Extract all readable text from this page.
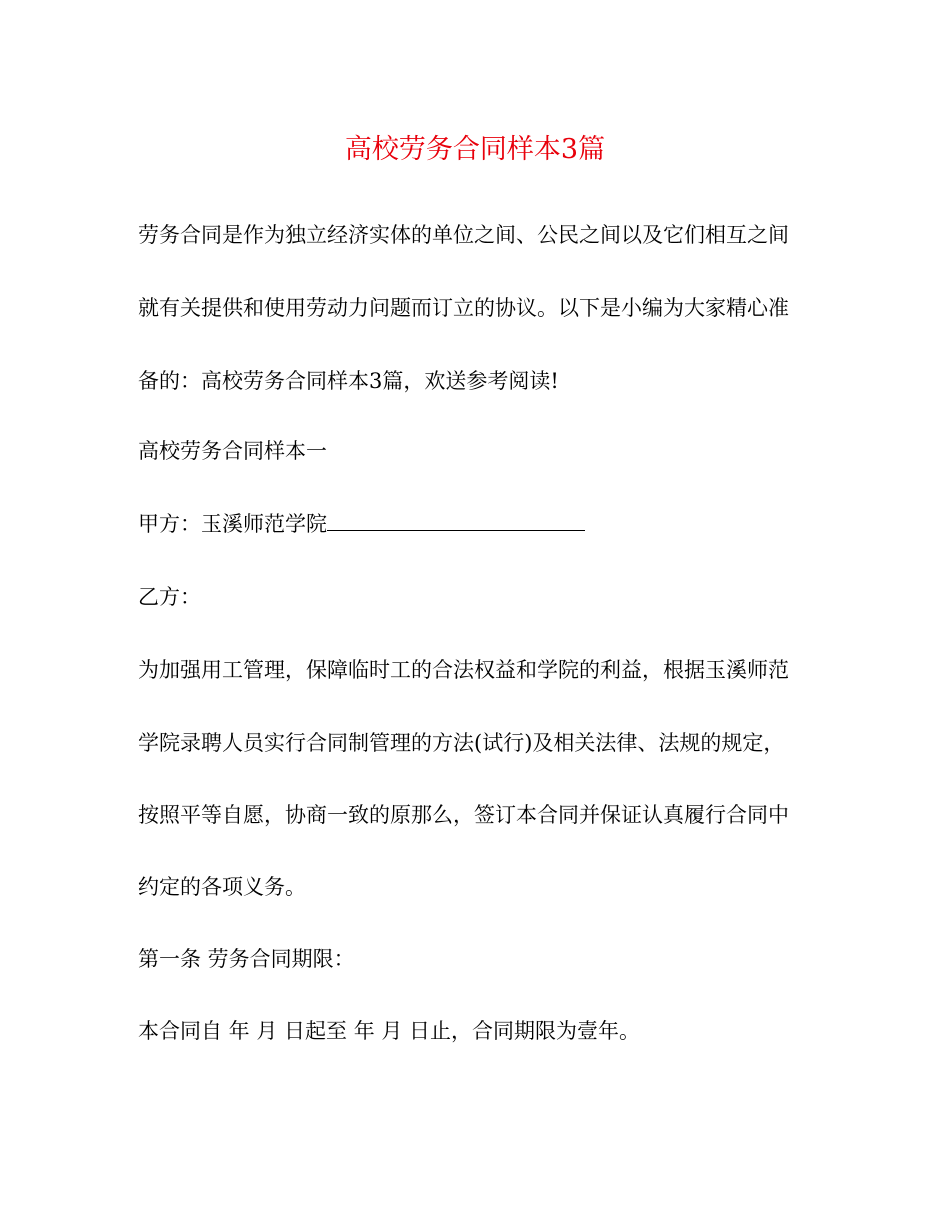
高校劳务合同样本3篇
劳务合同是作为独立经济实体的单位之间、公民之间以及它们相互之间
就有关提供和使用劳动力问题而订立的协议。以下是小编为大家精心准
备的：高校劳务合同样本3篇，欢送参考阅读!
高校劳务合同样本一
甲方：玉溪师范学院
乙方：
为加强用工管理，保障临时工的合法权益和学院的利益，根据玉溪师范
学院录聘人员实行合同制管理的方法(试行)及相关法律、法规的规定，
按照平等自愿，协商一致的原那么，签订本合同并保证认真履行合同中
约定的各项义务。
第一条 劳务合同期限：
本合同自 年 月 日起至 年 月 日止，合同期限为壹年。
